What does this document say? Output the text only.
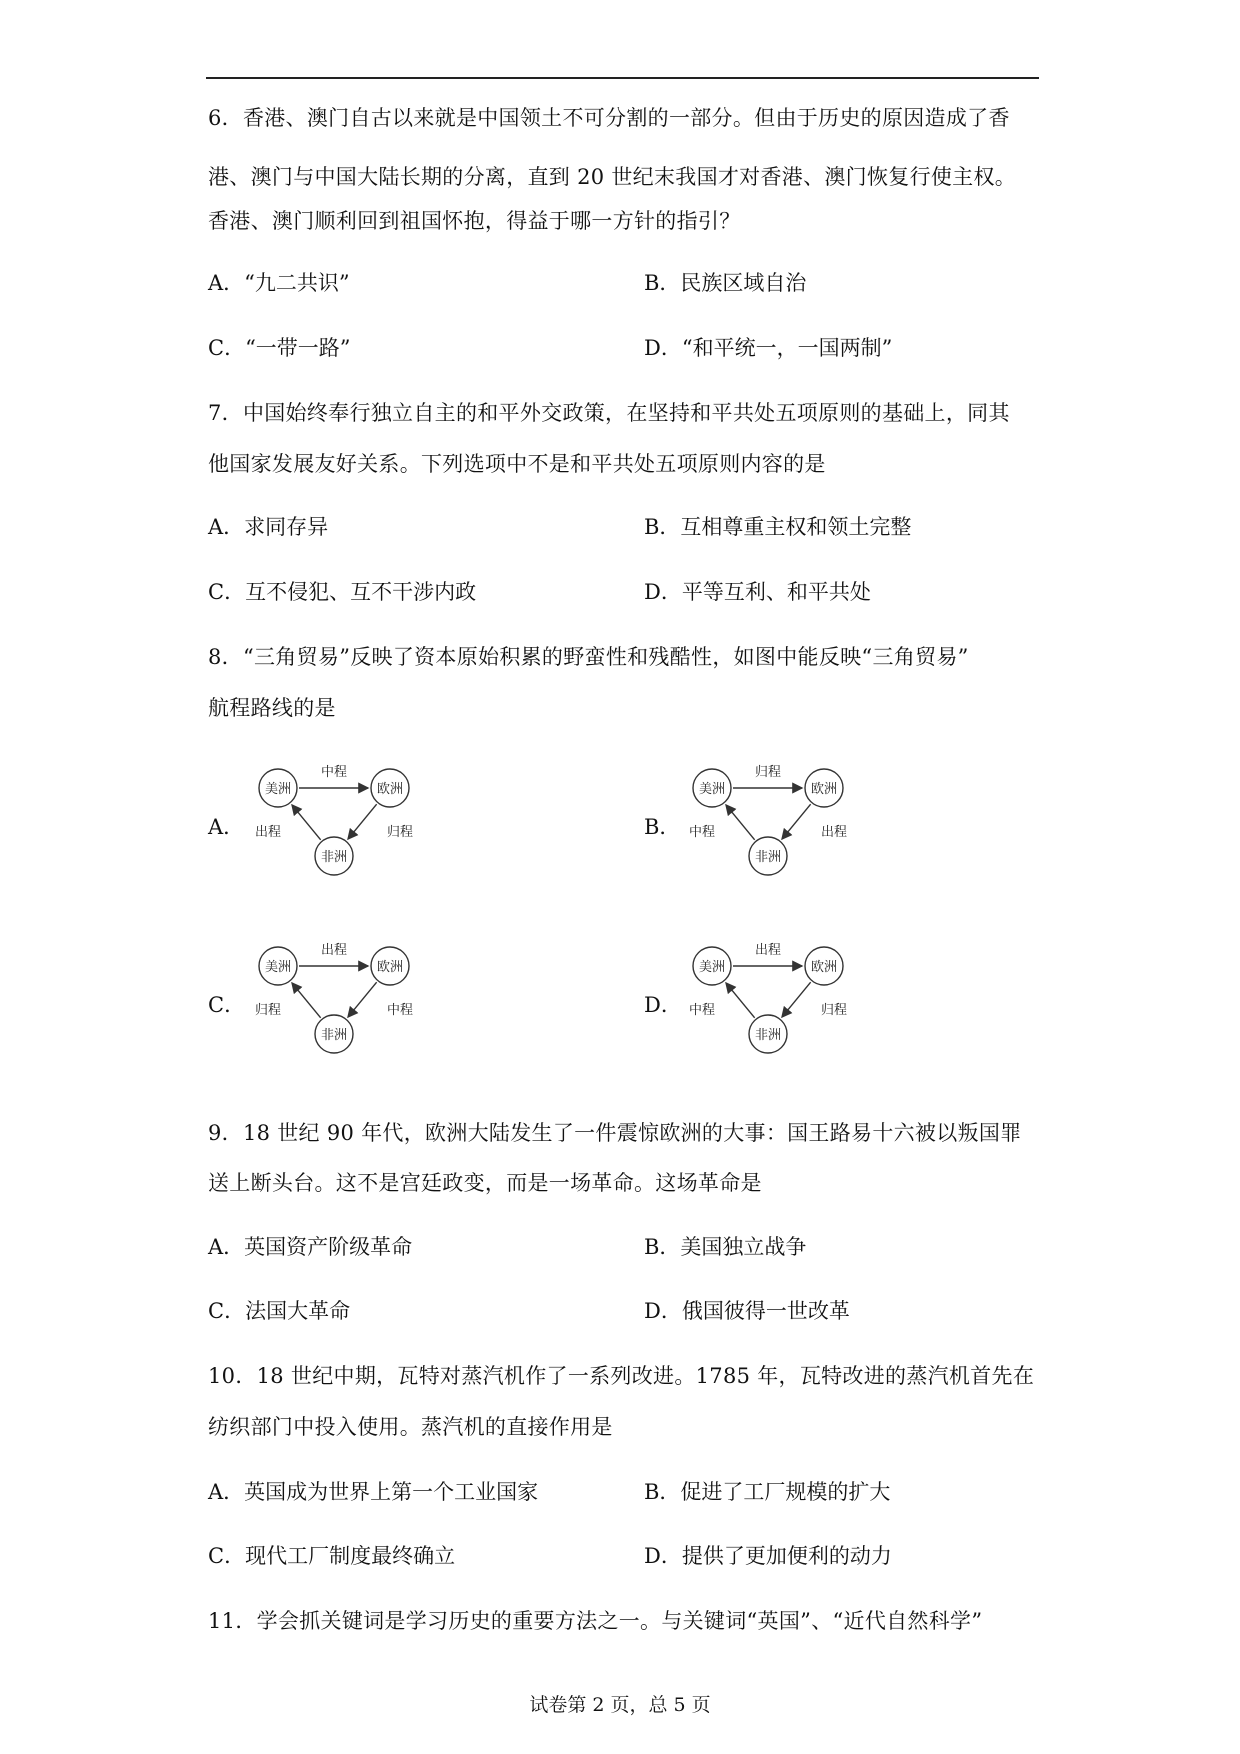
6．香港、澳门自古以来就是中国领土不可分割的一部分。但由于历史的原因造成了香
港、澳门与中国大陆长期的分离，直到 20 世纪末我国才对香港、澳门恢复行使主权。
香港、澳门顺利回到祖国怀抱，得益于哪一方针的指引？
A．“九二共识”	B．民族区域自治
C．“一带一路”	D．“和平统一，一国两制”
7．中国始终奉行独立自主的和平外交政策，在坚持和平共处五项原则的基础上，同其
他国家发展友好关系。下列选项中不是和平共处五项原则内容的是
A．求同存异	B．互相尊重主权和领土完整
C．互不侵犯、互不干涉内政	D．平等互利、和平共处
8．“三角贸易”反映了资本原始积累的野蛮性和残酷性，如图中能反映“三角贸易”
航程路线的是
A．	B．
C．	D．
美洲	欧洲
非洲
中程
出程	归程
美洲	欧洲
非洲
归程
中程	出程
美洲	欧洲
非洲
出程
归程	中程
美洲	欧洲
非洲
出程
中程	归程
9．18 世纪 90 年代，欧洲大陆发生了一件震惊欧洲的大事：国王路易十六被以叛国罪
送上断头台。这不是宫廷政变，而是一场革命。这场革命是
A．英国资产阶级革命	B．美国独立战争
C．法国大革命	D．俄国彼得一世改革
10．18 世纪中期，瓦特对蒸汽机作了一系列改进。1785 年，瓦特改进的蒸汽机首先在
纺织部门中投入使用。蒸汽机的直接作用是
A．英国成为世界上第一个工业国家	B．促进了工厂规模的扩大
C．现代工厂制度最终确立	D．提供了更加便利的动力
11．学会抓关键词是学习历史的重要方法之一。与关键词“英国”、“近代自然科学”
试卷第 2 页，总 5 页
